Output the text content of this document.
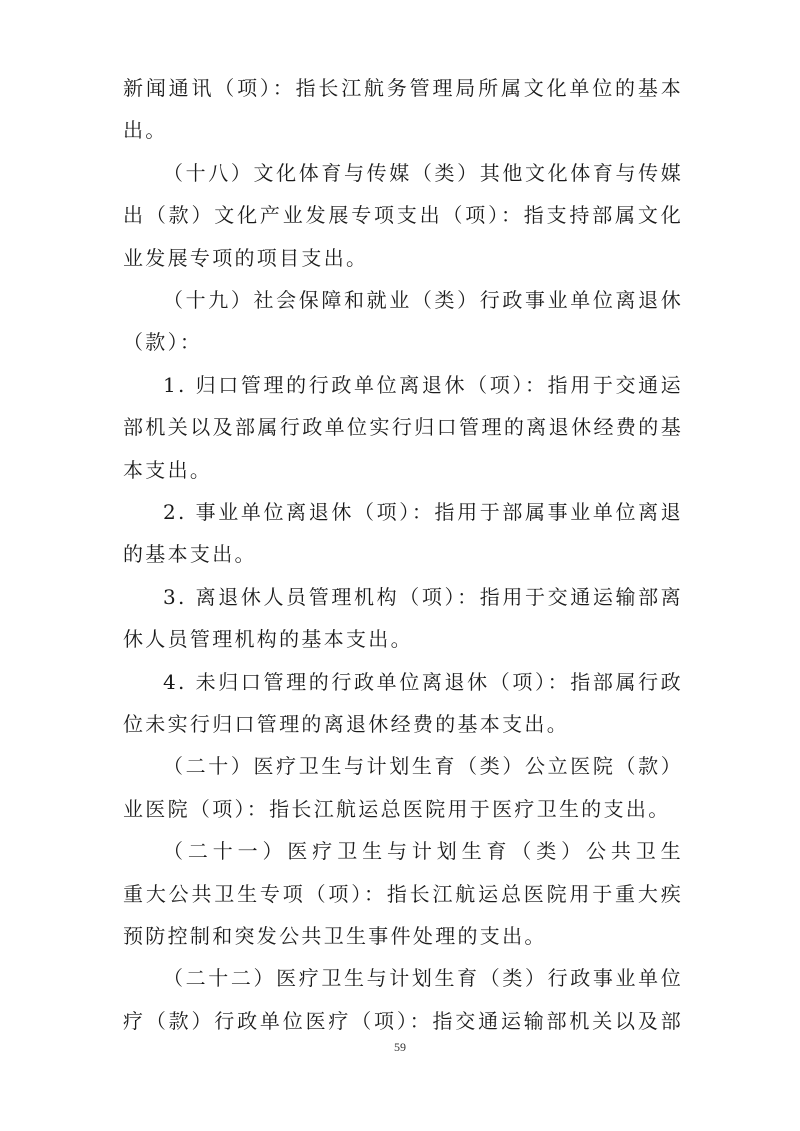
新闻通讯（项）：指长江航务管理局所属文化单位的基本
出。
（十八）文化体育与传媒（类）其他文化体育与传媒
出（款）文化产业发展专项支出（项）：指支持部属文化
业发展专项的项目支出。
（十九）社会保障和就业（类）行政事业单位离退休
（款）：
1. 归口管理的行政单位离退休（项）：指用于交通运
部机关以及部属行政单位实行归口管理的离退休经费的基
本支出。
2. 事业单位离退休（项）：指用于部属事业单位离退
的基本支出。
3. 离退休人员管理机构（项）：指用于交通运输部离
休人员管理机构的基本支出。
4. 未归口管理的行政单位离退休（项）：指部属行政
位未实行归口管理的离退休经费的基本支出。
（二十）医疗卫生与计划生育（类）公立医院（款）
业医院（项）：指长江航运总医院用于医疗卫生的支出。
（二十一）医疗卫生与计划生育（类）公共卫生
重大公共卫生专项（项）：指长江航运总医院用于重大疾
预防控制和突发公共卫生事件处理的支出。
（二十二）医疗卫生与计划生育（类）行政事业单位
疗（款）行政单位医疗（项）：指交通运输部机关以及部
59
